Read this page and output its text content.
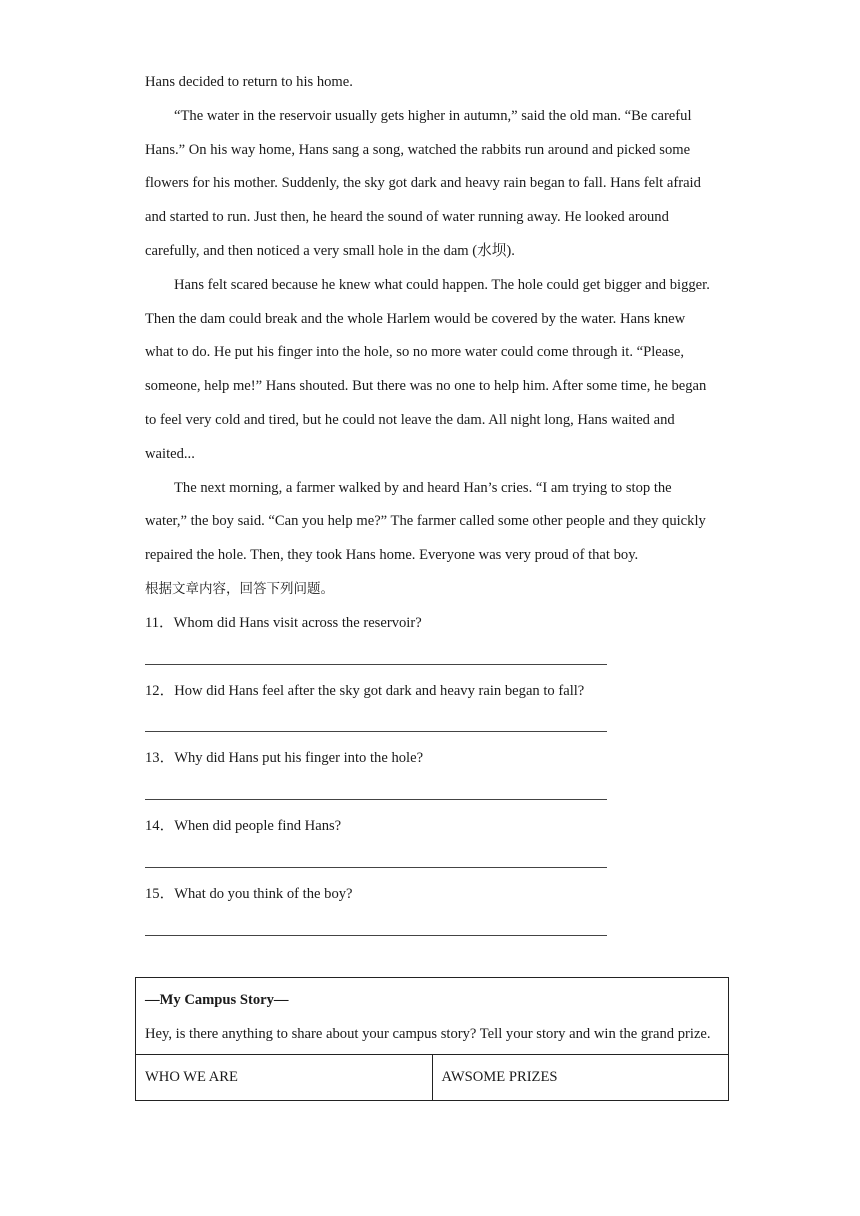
Hans decided to return to his home.

“The water in the reservoir usually gets higher in autumn,” said the old man. “Be careful Hans.” On his way home, Hans sang a song, watched the rabbits run around and picked some flowers for his mother. Suddenly, the sky got dark and heavy rain began to fall. Hans felt afraid and started to run. Just then, he heard the sound of water running away. He looked around carefully, and then noticed a very small hole in the dam (水坝).

Hans felt scared because he knew what could happen. The hole could get bigger and bigger. Then the dam could break and the whole Harlem would be covered by the water. Hans knew what to do. He put his finger into the hole, so no more water could come through it. “Please, someone, help me!” Hans shouted. But there was no one to help him. After some time, he began to feel very cold and tired, but he could not leave the dam. All night long, Hans waited and waited...

The next morning, a farmer walked by and heard Han’s cries. “I am trying to stop the water,” the boy said. “Can you help me?” The farmer called some other people and they quickly repaired the hole. Then, they took Hans home. Everyone was very proud of that boy.

根据文章内容，回答下列问题。

11．Whom did Hans visit across the reservoir?

12．How did Hans feel after the sky got dark and heavy rain began to fall?

13．Why did Hans put his finger into the hole?

14．When did people find Hans?

15．What do you think of the boy?

—My Campus Story—
Hey, is there anything to share about your campus story? Tell your story and win the grand prize.
WHO WE ARE	AWSOME PRIZES
